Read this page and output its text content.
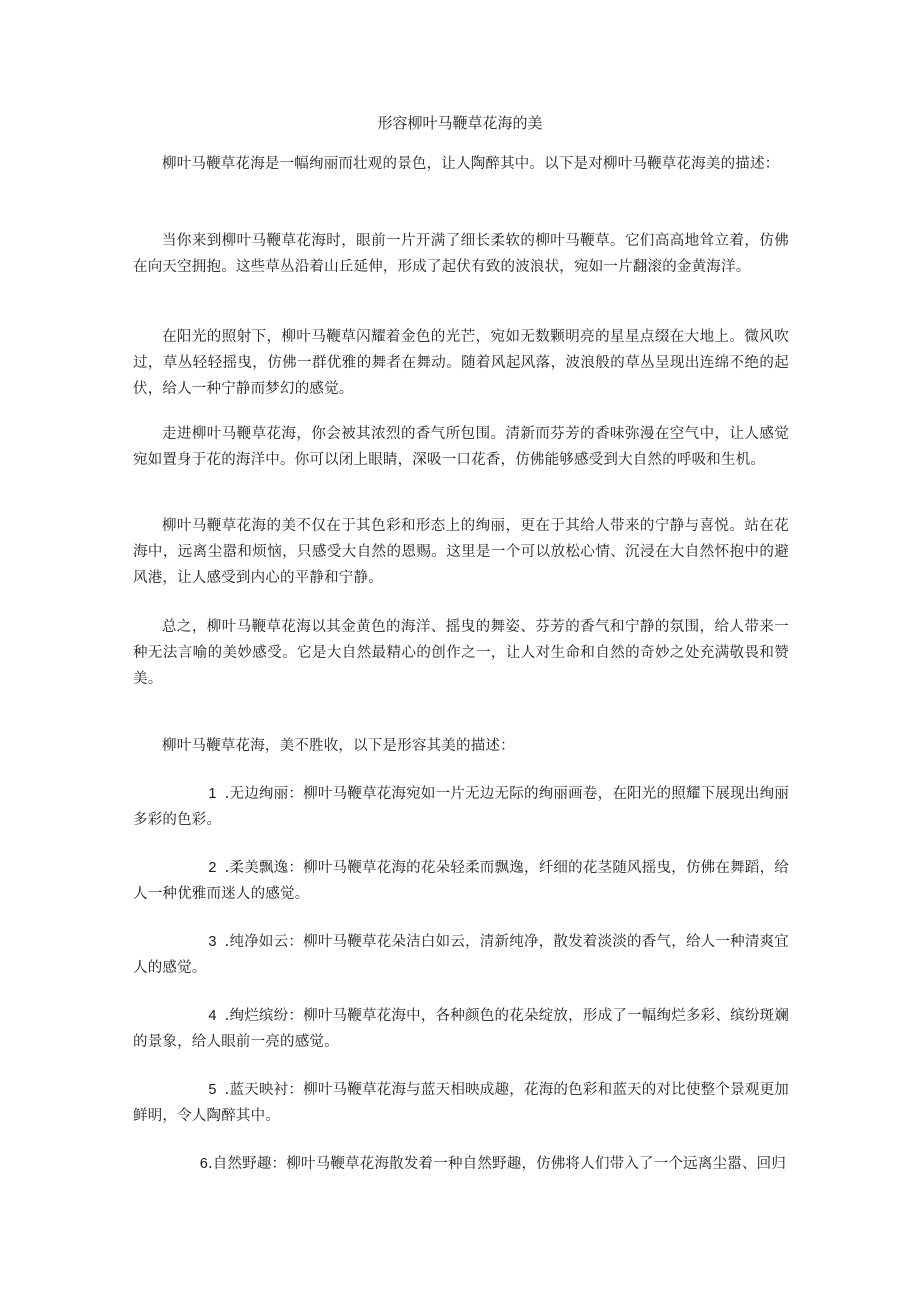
形容柳叶马鞭草花海的美

柳叶马鞭草花海是一幅绚丽而壮观的景色，让人陶醉其中。以下是对柳叶马鞭草花海美的描述：

当你来到柳叶马鞭草花海时，眼前一片开满了细长柔软的柳叶马鞭草。它们高高地耸立着，仿佛在向天空拥抱。这些草丛沿着山丘延伸，形成了起伏有致的波浪状，宛如一片翻滚的金黄海洋。

在阳光的照射下，柳叶马鞭草闪耀着金色的光芒，宛如无数颗明亮的星星点缀在大地上。微风吹过，草丛轻轻摇曳，仿佛一群优雅的舞者在舞动。随着风起风落，波浪般的草丛呈现出连绵不绝的起伏，给人一种宁静而梦幻的感觉。

走进柳叶马鞭草花海，你会被其浓烈的香气所包围。清新而芬芳的香味弥漫在空气中，让人感觉宛如置身于花的海洋中。你可以闭上眼睛，深吸一口花香，仿佛能够感受到大自然的呼吸和生机。

柳叶马鞭草花海的美不仅在于其色彩和形态上的绚丽，更在于其给人带来的宁静与喜悦。站在花海中，远离尘嚣和烦恼，只感受大自然的恩赐。这里是一个可以放松心情、沉浸在大自然怀抱中的避风港，让人感受到内心的平静和宁静。

总之，柳叶马鞭草花海以其金黄色的海洋、摇曳的舞姿、芬芳的香气和宁静的氛围，给人带来一种无法言喻的美妙感受。它是大自然最精心的创作之一，让人对生命和自然的奇妙之处充满敬畏和赞美。

柳叶马鞭草花海，美不胜收，以下是形容其美的描述：

1 .无边绚丽：柳叶马鞭草花海宛如一片无边无际的绚丽画卷，在阳光的照耀下展现出绚丽多彩的色彩。

2 .柔美飘逸：柳叶马鞭草花海的花朵轻柔而飘逸，纤细的花茎随风摇曳，仿佛在舞蹈，给人一种优雅而迷人的感觉。

3 .纯净如云：柳叶马鞭草花朵洁白如云，清新纯净，散发着淡淡的香气，给人一种清爽宜人的感觉。

4 .绚烂缤纷：柳叶马鞭草花海中，各种颜色的花朵绽放，形成了一幅绚烂多彩、缤纷斑斓的景象，给人眼前一亮的感觉。

5 .蓝天映衬：柳叶马鞭草花海与蓝天相映成趣，花海的色彩和蓝天的对比使整个景观更加鲜明，令人陶醉其中。

6.自然野趣：柳叶马鞭草花海散发着一种自然野趣，仿佛将人们带入了一个远离尘嚣、回归
